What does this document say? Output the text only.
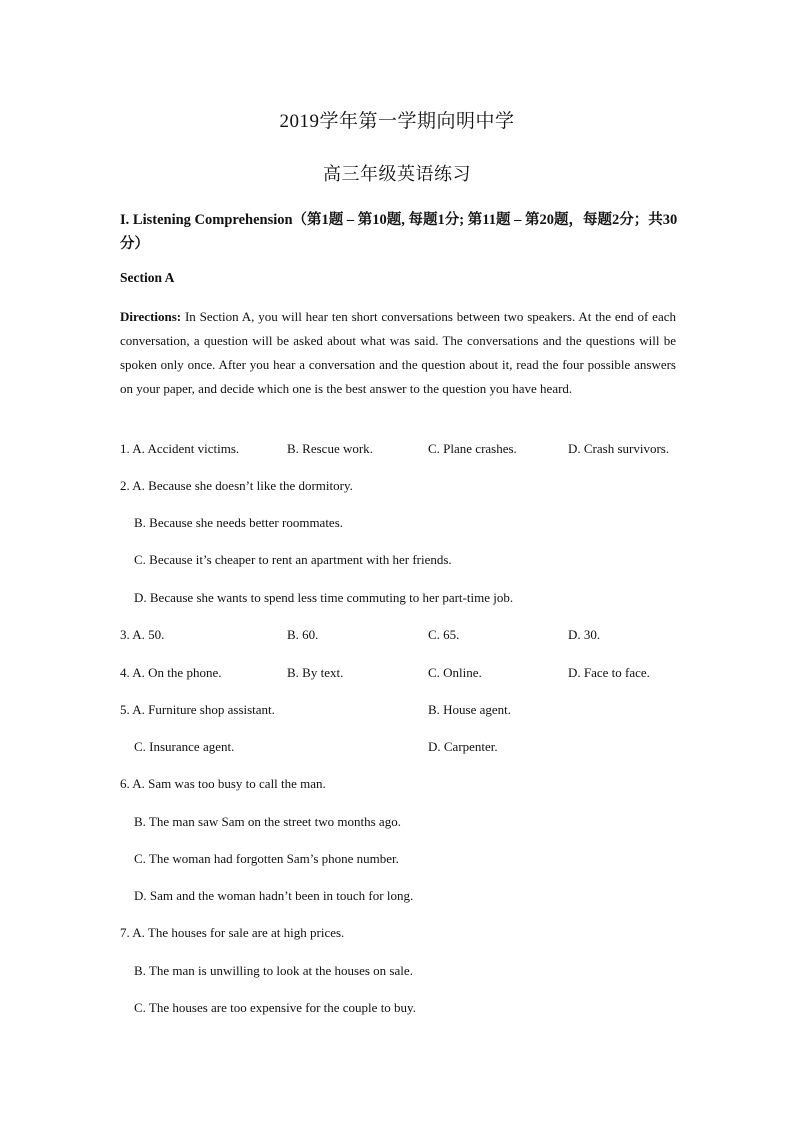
2019学年第一学期向明中学
高三年级英语练习
I. Listening Comprehension（第1题 – 第10题, 每题1分; 第11题 – 第20题，每题2分；共30分）
Section A
Directions: In Section A, you will hear ten short conversations between two speakers. At the end of each conversation, a question will be asked about what was said. The conversations and the questions will be spoken only once. After you hear a conversation and the question about it, read the four possible answers on your paper, and decide which one is the best answer to the question you have heard.
1. A. Accident victims.	B. Rescue work.	C. Plane crashes.	D. Crash survivors.
2. A. Because she doesn’t like the dormitory.
B. Because she needs better roommates.
C. Because it’s cheaper to rent an apartment with her friends.
D. Because she wants to spend less time commuting to her part-time job.
3. A. 50.	B. 60.	C. 65.	D. 30.
4. A. On the phone.	B. By text.	C. Online.	D. Face to face.
5. A. Furniture shop assistant.	B. House agent.
C. Insurance agent.	D. Carpenter.
6. A. Sam was too busy to call the man.
B. The man saw Sam on the street two months ago.
C. The woman had forgotten Sam’s phone number.
D. Sam and the woman hadn’t been in touch for long.
7. A. The houses for sale are at high prices.
B. The man is unwilling to look at the houses on sale.
C. The houses are too expensive for the couple to buy.
